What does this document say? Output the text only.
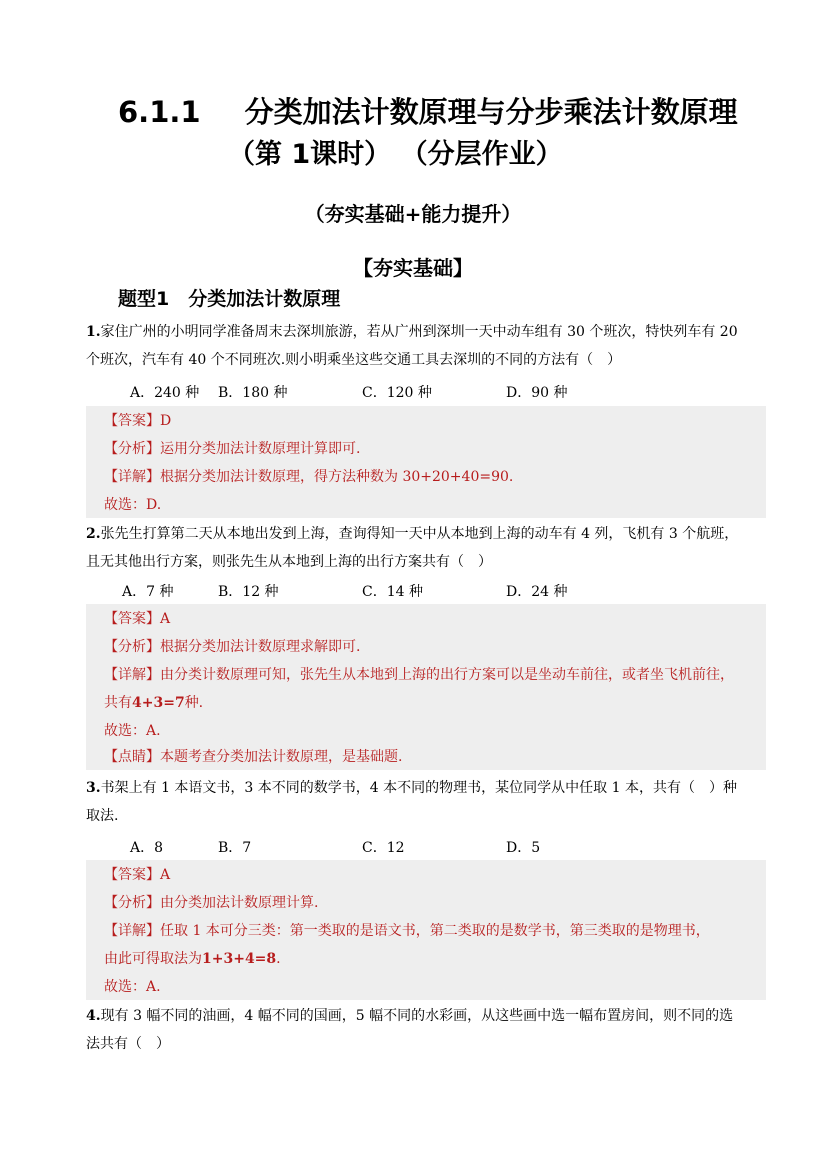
6.1.1 分类加法计数原理与分步乘法计数原理
（第 1课时） （分层作业）
（夯实基础+能力提升）
【夯实基础】
题型1　分类加法计数原理
1.家住广州的小明同学准备周末去深圳旅游，若从广州到深圳一天中动车组有 30 个班次，特快列车有 20
个班次，汽车有 40 个不同班次.则小明乘坐这些交通工具去深圳的不同的方法有（　）
A．240 种 B．180 种	C．120 种	D．90 种
【答案】D
【分析】运用分类加法计数原理计算即可.
【详解】根据分类加法计数原理，得方法种数为 30+20+40=90.
故选：D.
2.张先生打算第二天从本地出发到上海，查询得知一天中从本地到上海的动车有 4 列，飞机有 3 个航班，
且无其他出行方案，则张先生从本地到上海的出行方案共有（　）
A．7 种	B．12 种	C．14 种	D．24 种
【答案】A
【分析】根据分类加法计数原理求解即可.
【详解】由分类计数原理可知，张先生从本地到上海的出行方案可以是坐动车前往，或者坐飞机前往，
共有4+3=7种.
故选：A.
【点睛】本题考查分类加法计数原理，是基础题.
3.书架上有 1 本语文书，3 本不同的数学书，4 本不同的物理书，某位同学从中任取 1 本，共有（　）种
取法.
A．8	B．7	C．12	D．5
【答案】A
【分析】由分类加法计数原理计算.
【详解】任取 1 本可分三类：第一类取的是语文书，第二类取的是数学书，第三类取的是物理书，
由此可得取法为1+3+4=8.
故选：A.
4.现有 3 幅不同的油画，4 幅不同的国画，5 幅不同的水彩画，从这些画中选一幅布置房间，则不同的选
法共有（　）
